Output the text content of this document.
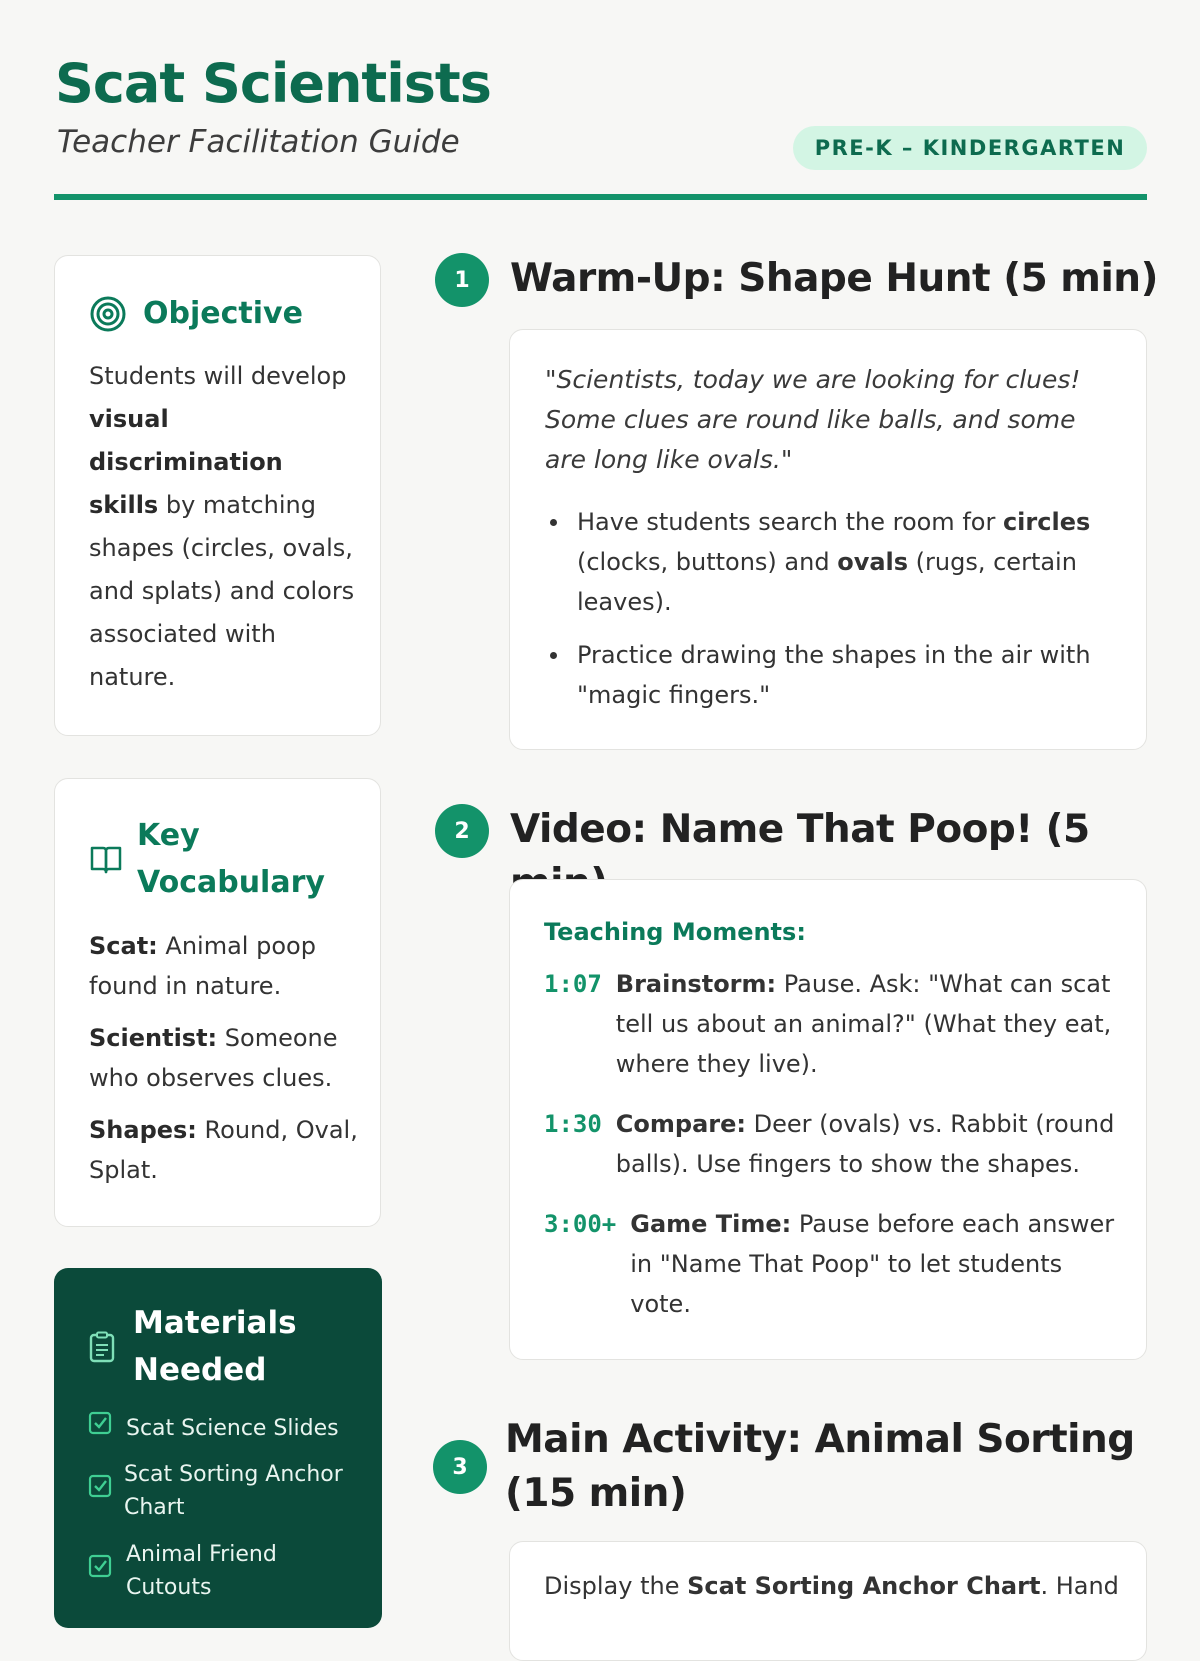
Scat Scientists

Teacher Facilitation Guide	PRE-K – KINDERGARTEN
Objective
Students will develop visual discrimination skills by matching shapes (circles, ovals, and splats) and colors associated with nature.
Key Vocabulary

Scat: Animal poop found in nature.

Scientist: Someone who observes clues.

Shapes: Round, Oval, Splat.

Materials Needed
Scat Science Slides
Scat Sorting Anchor Chart
Animal Friend Cutouts
1	Warm-Up: Shape Hunt (5 min)
"Scientists, today we are looking for clues! Some clues are round like balls, and some are long like ovals."
Have students search the room for circles (clocks, buttons) and ovals (rugs, certain leaves).
Practice drawing the shapes in the air with "magic fingers."
2	Video: Name That Poop! (5
Teaching Moments:
1:07 Brainstorm: Pause. Ask: "What can scat tell us about an animal?" (What they eat, where they live).
1:30 Compare: Deer (ovals) vs. Rabbit (round balls). Use fingers to show the shapes.
3:00+ Game Time: Pause before each answer in "Name That Poop" to let students vote.
3
Main Activity: Animal Sorting (15 min)
Display the Scat Sorting Anchor Chart. Hand
